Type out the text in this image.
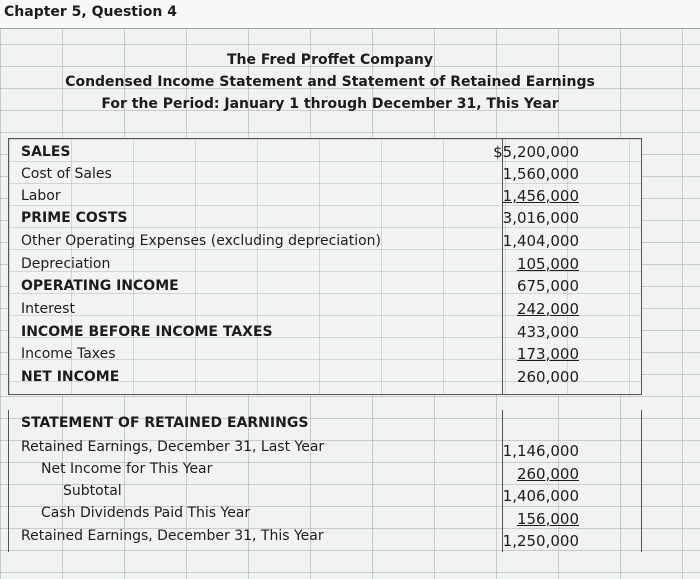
Chapter 5, Question 4
The Fred Proffet Company
Condensed Income Statement and Statement of Retained Earnings
For the Period: January 1 through December 31, This Year
SALES	$5,200,000
Cost of Sales	1,560,000
Labor	1,456,000
PRIME COSTS	3,016,000
Other Operating Expenses (excluding depreciation)	1,404,000
Depreciation	105,000
OPERATING INCOME	675,000
Interest	242,000
INCOME BEFORE INCOME TAXES	433,000
Income Taxes	173,000
NET INCOME	260,000
STATEMENT OF RETAINED EARNINGS
Retained Earnings, December 31, Last Year	1,146,000
Net Income for This Year	260,000
Subtotal	1,406,000
Cash Dividends Paid This Year	156,000
Retained Earnings, December 31, This Year	1,250,000
